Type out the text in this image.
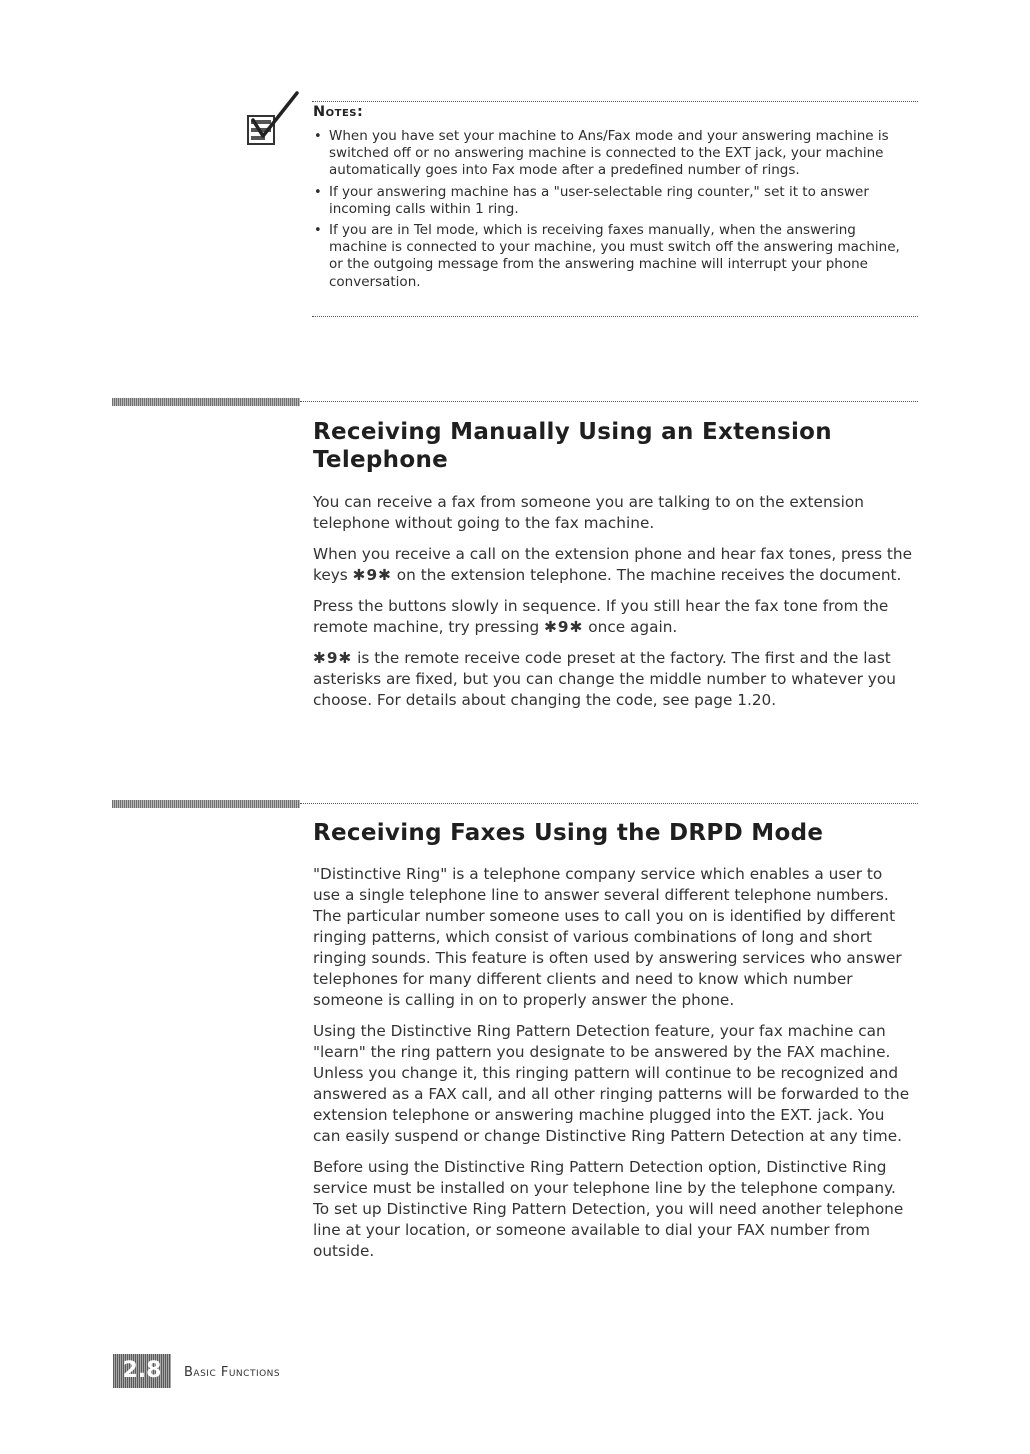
Notes:
• When you have set your machine to Ans/Fax mode and your answering machine is switched off or no answering machine is connected to the EXT jack, your machine automatically goes into Fax mode after a predefined number of rings.
• If your answering machine has a "user-selectable ring counter," set it to answer incoming calls within 1 ring.
• If you are in Tel mode, which is receiving faxes manually, when the answering machine is connected to your machine, you must switch off the answering machine, or the outgoing message from the answering machine will interrupt your phone conversation.
Receiving Manually Using an Extension Telephone

You can receive a fax from someone you are talking to on the extension telephone without going to the fax machine.

When you receive a call on the extension phone and hear fax tones, press the keys ✱9✱ on the extension telephone. The machine receives the document.

Press the buttons slowly in sequence. If you still hear the fax tone from the remote machine, try pressing ✱9✱ once again.

✱9✱ is the remote receive code preset at the factory. The first and the last asterisks are fixed, but you can change the middle number to whatever you choose. For details about changing the code, see page 1.20.

Receiving Faxes Using the DRPD Mode

"Distinctive Ring" is a telephone company service which enables a user to use a single telephone line to answer several different telephone numbers. The particular number someone uses to call you on is identified by different ringing patterns, which consist of various combinations of long and short ringing sounds. This feature is often used by answering services who answer telephones for many different clients and need to know which number someone is calling in on to properly answer the phone.

Using the Distinctive Ring Pattern Detection feature, your fax machine can "learn" the ring pattern you designate to be answered by the FAX machine. Unless you change it, this ringing pattern will continue to be recognized and answered as a FAX call, and all other ringing patterns will be forwarded to the extension telephone or answering machine plugged into the EXT. jack. You can easily suspend or change Distinctive Ring Pattern Detection at any time.

Before using the Distinctive Ring Pattern Detection option, Distinctive Ring service must be installed on your telephone line by the telephone company. To set up Distinctive Ring Pattern Detection, you will need another telephone line at your location, or someone available to dial your FAX number from outside.

2.8	Basic Functions
